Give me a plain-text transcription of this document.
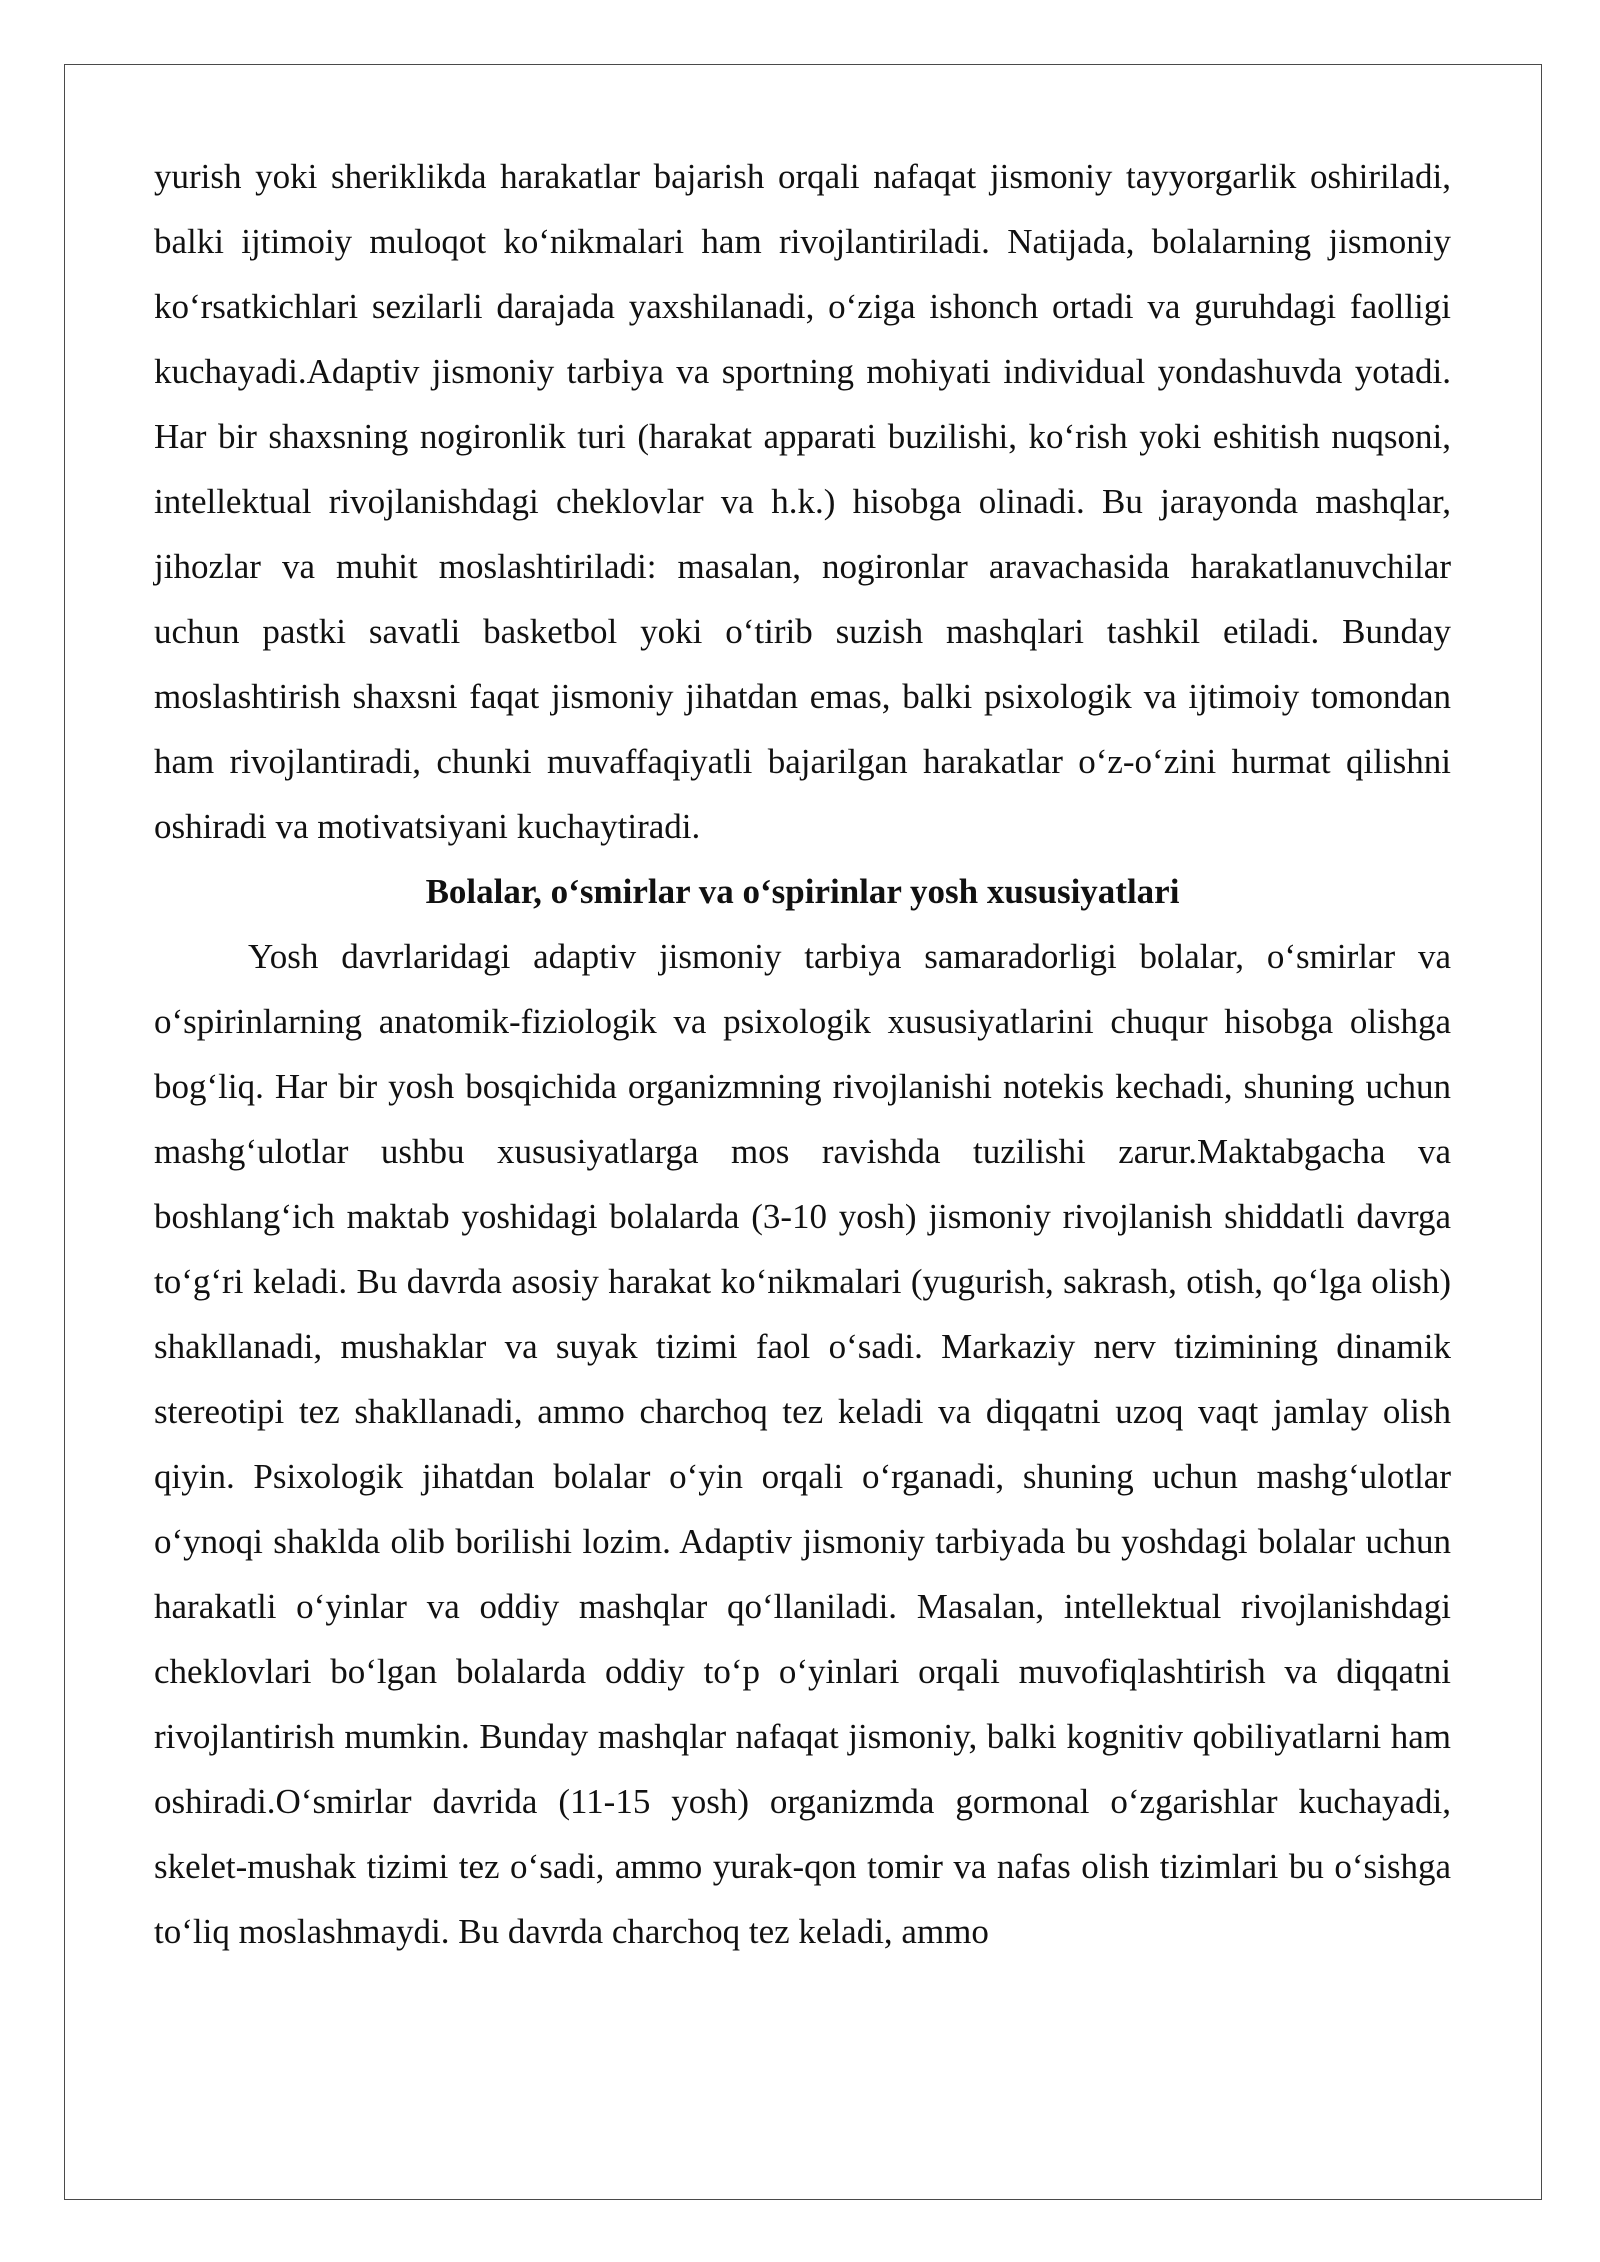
yurish yoki sheriklikda harakatlar bajarish orqali nafaqat jismoniy tayyorgarlik oshiriladi, balki ijtimoiy muloqot ko‘nikmalari ham rivojlantiriladi. Natijada, bolalarning jismoniy ko‘rsatkichlari sezilarli darajada yaxshilanadi, o‘ziga ishonch ortadi va guruhdagi faolligi kuchayadi.Adaptiv jismoniy tarbiya va sportning mohiyati individual yondashuvda yotadi. Har bir shaxsning nogironlik turi (harakat apparati buzilishi, ko‘rish yoki eshitish nuqsoni, intellektual rivojlanishdagi cheklovlar va h.k.) hisobga olinadi. Bu jarayonda mashqlar, jihozlar va muhit moslashtiriladi: masalan, nogironlar aravachasida harakatlanuvchilar uchun pastki savatli basketbol yoki o‘tirib suzish mashqlari tashkil etiladi. Bunday moslashtirish shaxsni faqat jismoniy jihatdan emas, balki psixologik va ijtimoiy tomondan ham rivojlantiradi, chunki muvaffaqiyatli bajarilgan harakatlar o‘z-o‘zini hurmat qilishni oshiradi va motivatsiyani kuchaytiradi.

Bolalar, o‘smirlar va o‘spirinlar yosh xususiyatlari

Yosh davrlaridagi adaptiv jismoniy tarbiya samaradorligi bolalar, o‘smirlar va o‘spirinlarning anatomik-fiziologik va psixologik xususiyatlarini chuqur hisobga olishga bog‘liq. Har bir yosh bosqichida organizmning rivojlanishi notekis kechadi, shuning uchun mashg‘ulotlar ushbu xususiyatlarga mos ravishda tuzilishi zarur.Maktabgacha va boshlang‘ich maktab yoshidagi bolalarda (3-10 yosh) jismoniy rivojlanish shiddatli davrga to‘g‘ri keladi. Bu davrda asosiy harakat ko‘nikmalari (yugurish, sakrash, otish, qo‘lga olish) shakllanadi, mushaklar va suyak tizimi faol o‘sadi. Markaziy nerv tizimining dinamik stereotipi tez shakllanadi, ammo charchoq tez keladi va diqqatni uzoq vaqt jamlay olish qiyin. Psixologik jihatdan bolalar o‘yin orqali o‘rganadi, shuning uchun mashg‘ulotlar o‘ynoqi shaklda olib borilishi lozim. Adaptiv jismoniy tarbiyada bu yoshdagi bolalar uchun harakatli o‘yinlar va oddiy mashqlar qo‘llaniladi. Masalan, intellektual rivojlanishdagi cheklovlari bo‘lgan bolalarda oddiy to‘p o‘yinlari orqali muvofiqlashtirish va diqqatni rivojlantirish mumkin. Bunday mashqlar nafaqat jismoniy, balki kognitiv qobiliyatlarni ham oshiradi.O‘smirlar davrida (11-15 yosh) organizmda gormonal o‘zgarishlar kuchayadi, skelet-mushak tizimi tez o‘sadi, ammo yurak-qon tomir va nafas olish tizimlari bu o‘sishga to‘liq moslashmaydi. Bu davrda charchoq tez keladi, ammo
